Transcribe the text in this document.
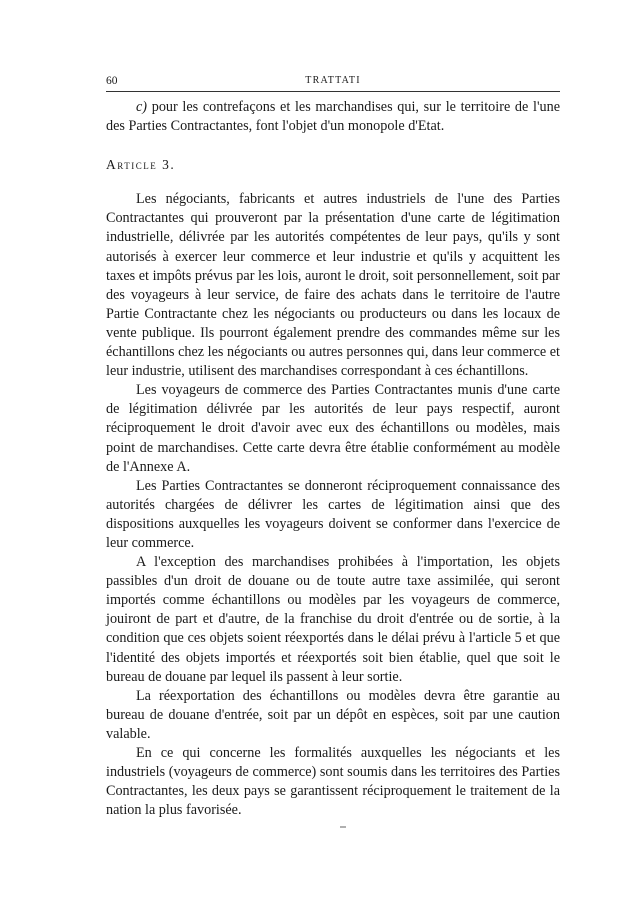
60	TRATTATI

c) pour les contrefaçons et les marchandises qui, sur le territoire de l'une des Parties Contractantes, font l'objet d'un monopole d'Etat.

Article 3.

Les négociants, fabricants et autres industriels de l'une des Parties Contractantes qui prouveront par la présentation d'une carte de légitimation industrielle, délivrée par les autorités compétentes de leur pays, qu'ils y sont autorisés à exercer leur commerce et leur industrie et qu'ils y acquittent les taxes et impôts prévus par les lois, auront le droit, soit personnellement, soit par des voyageurs à leur service, de faire des achats dans le territoire de l'autre Partie Contractante chez les négociants ou producteurs ou dans les locaux de vente publique. Ils pourront également prendre des commandes même sur les échantillons chez les négociants ou autres personnes qui, dans leur commerce et leur industrie, utilisent des marchandises correspondant à ces échantillons.

Les voyageurs de commerce des Parties Contractantes munis d'une carte de légitimation délivrée par les autorités de leur pays respectif, auront réciproquement le droit d'avoir avec eux des échantillons ou modèles, mais point de marchandises. Cette carte devra être établie conformément au modèle de l'Annexe A.

Les Parties Contractantes se donneront réciproquement connaissance des autorités chargées de délivrer les cartes de légitimation ainsi que des dispositions auxquelles les voyageurs doivent se conformer dans l'exercice de leur commerce.

A l'exception des marchandises prohibées à l'importation, les objets passibles d'un droit de douane ou de toute autre taxe assimilée, qui seront importés comme échantillons ou modèles par les voyageurs de commerce, jouiront de part et d'autre, de la franchise du droit d'entrée ou de sortie, à la condition que ces objets soient réexportés dans le délai prévu à l'article 5 et que l'identité des objets importés et réexportés soit bien établie, quel que soit le bureau de douane par lequel ils passent à leur sortie.

La réexportation des échantillons ou modèles devra être garantie au bureau de douane d'entrée, soit par un dépôt en espèces, soit par une caution valable.

En ce qui concerne les formalités auxquelles les négociants et les industriels (voyageurs de commerce) sont soumis dans les territoires des Parties Contractantes, les deux pays se garantissent réciproquement le traitement de la nation la plus favorisée.
